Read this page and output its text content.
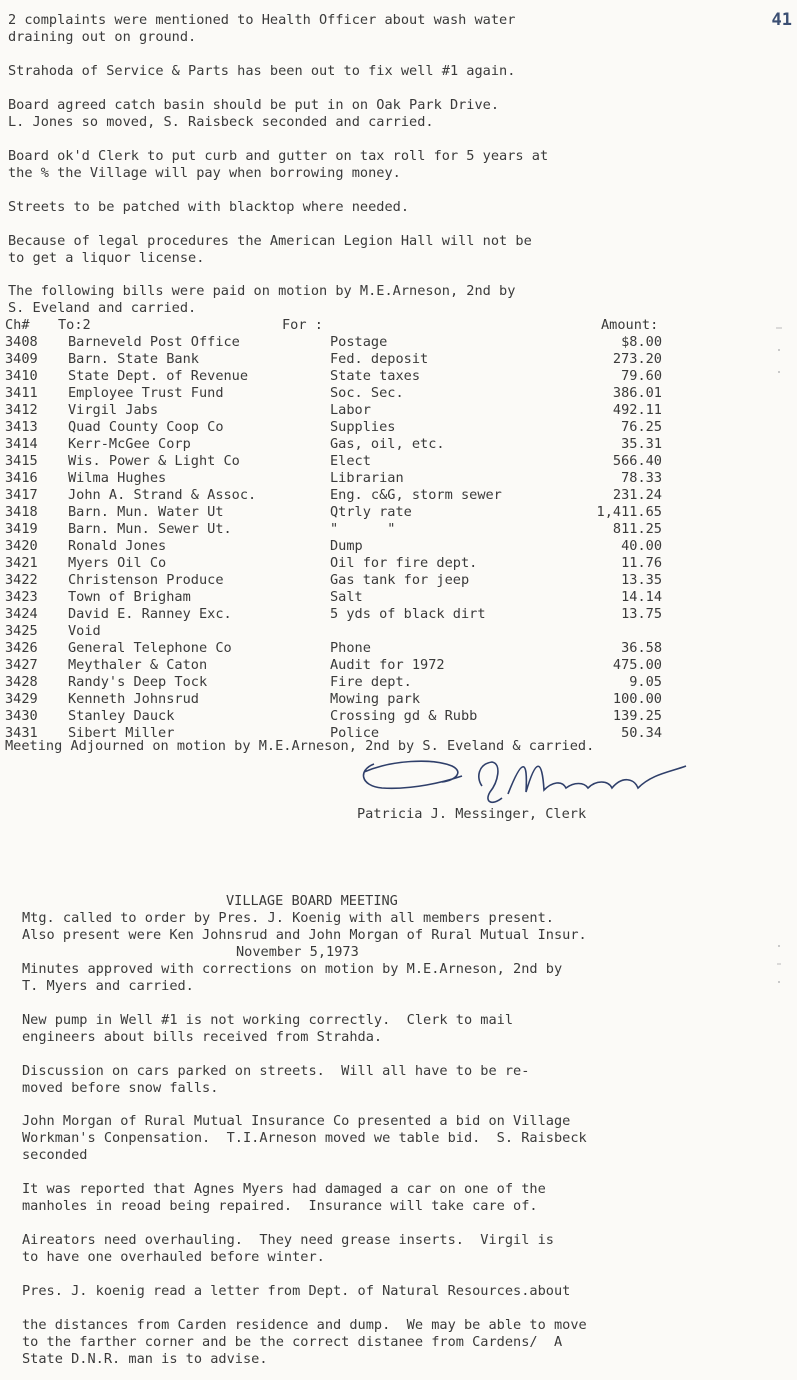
41
2 complaints were mentioned to Health Officer about wash water
draining out on ground.
Strahoda of Service & Parts has been out to fix well #1 again.
Board agreed catch basin should be put in on Oak Park Drive.
L. Jones so moved, S. Raisbeck seconded and carried.
Board ok'd Clerk to put curb and gutter on tax roll for 5 years at
the % the Village will pay when borrowing money.
Streets to be patched with blacktop where needed.
Because of legal procedures the American Legion Hall will not be
to get a liquor license.
The following bills were paid on motion by M.E.Arneson, 2nd by
S. Eveland and carried.
Ch# To:2	For :	Amount:
3408 Barneveld Post Office	Postage	$8.00
3409 Barn. State Bank	Fed. deposit	273.20
3410 State Dept. of Revenue	State taxes	79.60
3411 Employee Trust Fund	Soc. Sec.	386.01
3412 Virgil Jabs	Labor	492.11
3413 Quad County Coop Co	Supplies	76.25
3414 Kerr-McGee Corp	Gas, oil, etc.	35.31
3415 Wis. Power & Light Co	Elect	566.40
3416 Wilma Hughes	Librarian	78.33
3417 John A. Strand & Assoc.	Eng. c&G, storm sewer	231.24
3418 Barn. Mun. Water Ut	Qtrly rate	1,411.65
3419 Barn. Mun. Sewer Ut.	"      "	811.25
3420 Ronald Jones	Dump	40.00
3421 Myers Oil Co	Oil for fire dept.	11.76
3422 Christenson Produce	Gas tank for jeep	13.35
3423 Town of Brigham	Salt	14.14
3424 David E. Ranney Exc.	5 yds of black dirt	13.75
3425 Void
3426 General Telephone Co	Phone	36.58
3427 Meythaler & Caton	Audit for 1972	475.00
3428 Randy's Deep Tock	Fire dept.	9.05
3429 Kenneth Johnsrud	Mowing park	100.00
3430 Stanley Dauck	Crossing gd & Rubb	139.25
3431 Sibert Miller	Police	50.34
Meeting Adjourned on motion by M.E.Arneson, 2nd by S. Eveland & carried.
Patricia J. Messinger, Clerk

VILLAGE BOARD MEETING

November 5,1973

Mtg. called to order by Pres. J. Koenig with all members present.
Also present were Ken Johnsrud and John Morgan of Rural Mutual Insur.
Minutes approved with corrections on motion by M.E.Arneson, 2nd by
T. Myers and carried.
New pump in Well #1 is not working correctly.  Clerk to mail
engineers about bills received from Strahda.
Discussion on cars parked on streets.  Will all have to be re-
moved before snow falls.
John Morgan of Rural Mutual Insurance Co presented a bid on Village
Workman's Conpensation.  T.I.Arneson moved we table bid.  S. Raisbeck
seconded
It was reported that Agnes Myers had damaged a car on one of the
manholes in reoad being repaired.  Insurance will take care of.
Aireators need overhauling.  They need grease inserts.  Virgil is
to have one overhauled before winter.
Pres. J. koenig read a letter from Dept. of Natural Resources.about

the distances from Carden residence and dump.  We may be able to move
to the farther corner and be the correct distanee from Cardens/  A
State D.N.R. man is to advise.
